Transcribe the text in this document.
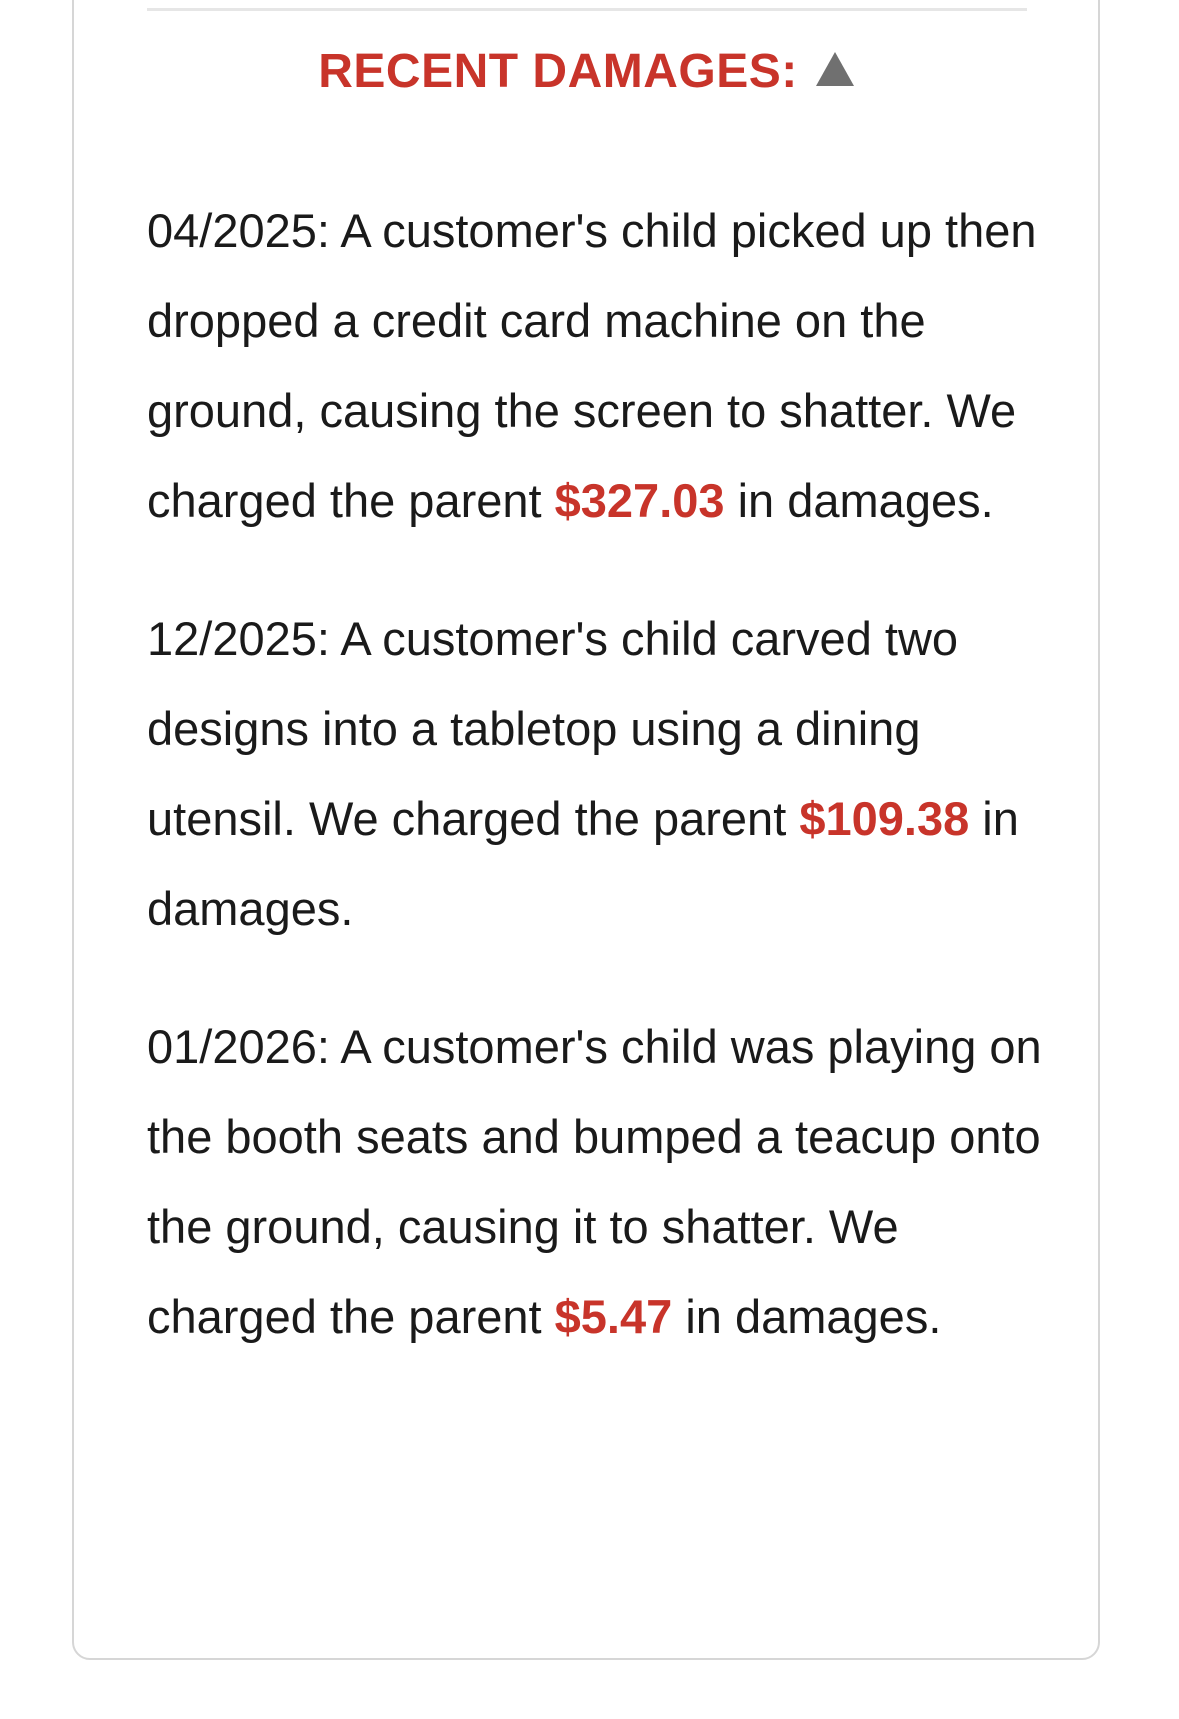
RECENT DAMAGES:

04/2025: A customer's child picked up then dropped a credit card machine on the ground, causing the screen to shatter. We charged the parent $327.03 in damages.

12/2025: A customer's child carved two designs into a tabletop using a dining utensil. We charged the parent $109.38 in damages.

01/2026: A customer's child was playing on the booth seats and bumped a teacup onto the ground, causing it to shatter. We charged the parent $5.47 in damages.
